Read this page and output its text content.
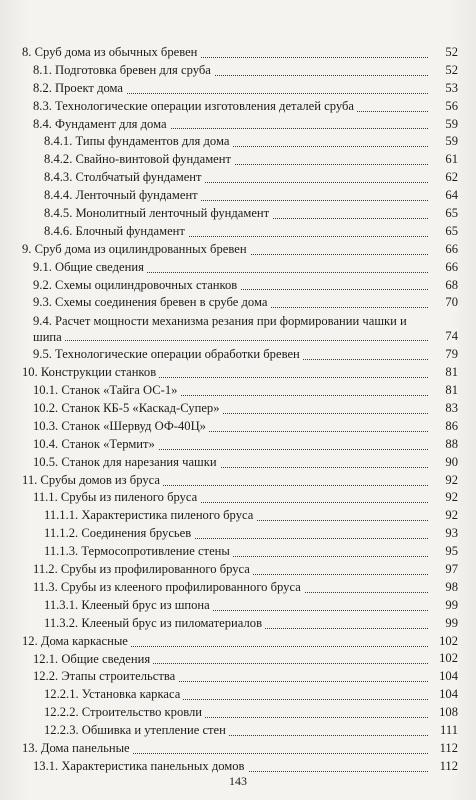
8. Сруб дома из обычных бревен	52
8.1. Подготовка бревен для сруба	52
8.2. Проект дома	53
8.3. Технологические операции изготовления деталей сруба	56
8.4. Фундамент для дома	59
8.4.1. Типы фундаментов для дома	59
8.4.2. Свайно-винтовой фундамент	61
8.4.3. Столбчатый фундамент	62
8.4.4. Ленточный фундамент	64
8.4.5. Монолитный ленточный фундамент	65
8.4.6. Блочный фундамент	65
9. Сруб дома из оцилиндрованных бревен	66
9.1. Общие сведения	66
9.2. Схемы оцилиндровочных станков	68
9.3. Схемы соединения бревен в срубе дома	70
9.4. Расчет мощности механизма резания при формировании чашки и шипа	74
9.5. Технологические операции обработки бревен	79
10. Конструкции станков	81
10.1. Станок «Тайга ОС-1»	81
10.2. Станок КБ-5 «Каскад-Супер»	83
10.3. Станок «Шервуд ОФ-40Ц»	86
10.4. Станок «Термит»	88
10.5. Станок для нарезания чашки	90
11. Срубы домов из бруса	92
11.1. Срубы из пиленого бруса	92
11.1.1. Характеристика пиленого бруса	92
11.1.2. Соединения брусьев	93
11.1.3. Термосопротивление стены	95
11.2. Срубы из профилированного бруса	97
11.3. Срубы из клееного профилированного бруса	98
11.3.1. Клееный брус из шпона	99
11.3.2. Клееный брус из пиломатериалов	99
12. Дома каркасные	102
12.1. Общие сведения	102
12.2. Этапы строительства	104
12.2.1. Установка каркаса	104
12.2.2. Строительство кровли	108
12.2.3. Обшивка и утепление стен	111
13. Дома панельные	112
13.1. Характеристика панельных домов	112
143
